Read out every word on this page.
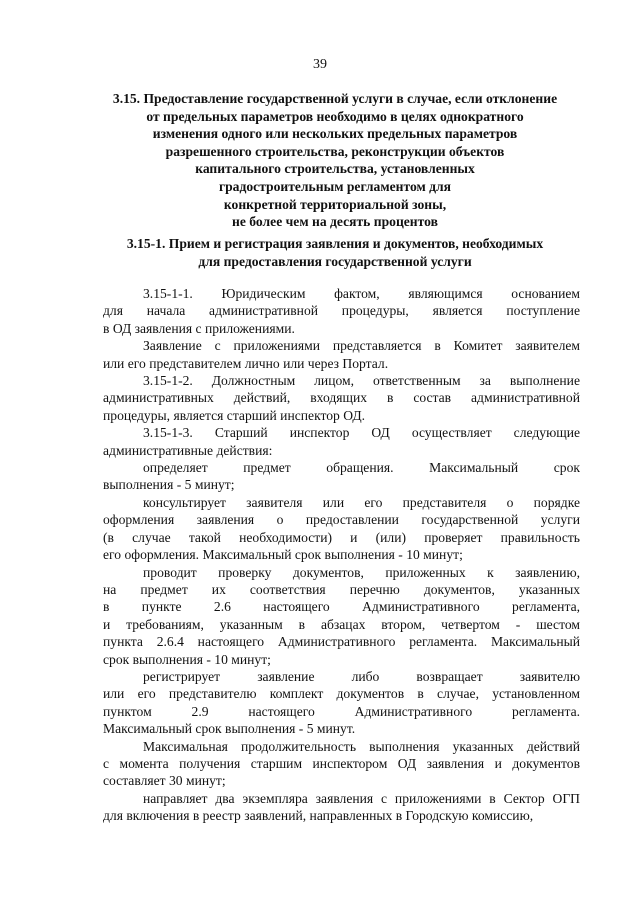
39
3.15. Предоставление государственной услуги в случае, если отклонение
от предельных параметров необходимо в целях однократного
изменения одного или нескольких предельных параметров
разрешенного строительства, реконструкции объектов
капитального строительства, установленных
градостроительным регламентом для
конкретной территориальной зоны,
не более чем на десять процентов
3.15-1. Прием и регистрация заявления и документов, необходимых
для предоставления государственной услуги
3.15-1-1. Юридическим фактом, являющимся основанием
для начала административной процедуры, является поступление
в ОД заявления с приложениями.
Заявление с приложениями представляется в Комитет заявителем
или его представителем лично или через Портал.
3.15-1-2. Должностным лицом, ответственным за выполнение
административных действий, входящих в состав административной
процедуры, является старший инспектор ОД.
3.15-1-3. Старший инспектор ОД осуществляет следующие
административные действия:
определяет предмет обращения. Максимальный срок
выполнения - 5 минут;
консультирует заявителя или его представителя о порядке
оформления заявления о предоставлении государственной услуги
(в случае такой необходимости) и (или) проверяет правильность
его оформления. Максимальный срок выполнения - 10 минут;
проводит проверку документов, приложенных к заявлению,
на предмет их соответствия перечню документов, указанных
в пункте 2.6 настоящего Административного регламента,
и требованиям, указанным в абзацах втором, четвертом - шестом
пункта 2.6.4 настоящего Административного регламента. Максимальный
срок выполнения - 10 минут;
регистрирует заявление либо возвращает заявителю
или его представителю комплект документов в случае, установленном
пунктом 2.9 настоящего Административного регламента.
Максимальный срок выполнения - 5 минут.
Максимальная продолжительность выполнения указанных действий
с момента получения старшим инспектором ОД заявления и документов
составляет 30 минут;
направляет два экземпляра заявления с приложениями в Сектор ОГП
для включения в реестр заявлений, направленных в Городскую комиссию,
